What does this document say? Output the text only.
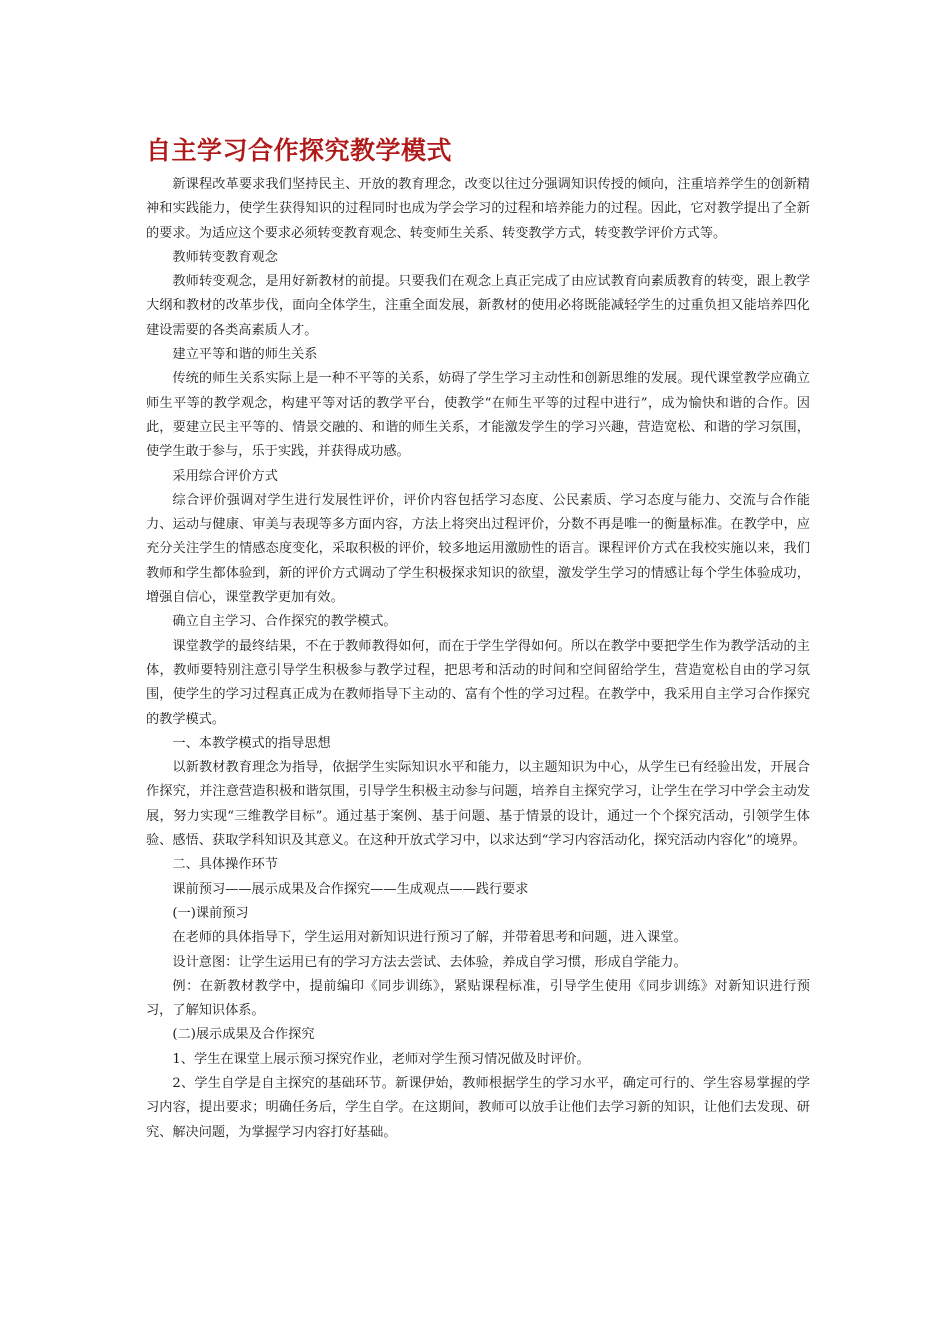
自主学习合作探究教学模式

新课程改革要求我们坚持民主、开放的教育理念，改变以往过分强调知识传授的倾向，注重培养学生的创新精神和实践能力，使学生获得知识的过程同时也成为学会学习的过程和培养能力的过程。因此，它对教学提出了全新的要求。为适应这个要求必须转变教育观念、转变师生关系、转变教学方式，转变教学评价方式等。

教师转变教育观念

教师转变观念，是用好新教材的前提。只要我们在观念上真正完成了由应试教育向素质教育的转变，跟上教学大纲和教材的改革步伐，面向全体学生，注重全面发展，新教材的使用必将既能减轻学生的过重负担又能培养四化建设需要的各类高素质人才。

建立平等和谐的师生关系

传统的师生关系实际上是一种不平等的关系，妨碍了学生学习主动性和创新思维的发展。现代课堂教学应确立师生平等的教学观念，构建平等对话的教学平台，使教学“在师生平等的过程中进行”，成为愉快和谐的合作。因此，要建立民主平等的、情景交融的、和谐的师生关系，才能激发学生的学习兴趣，营造宽松、和谐的学习氛围，使学生敢于参与，乐于实践，并获得成功感。

采用综合评价方式

综合评价强调对学生进行发展性评价，评价内容包括学习态度、公民素质、学习态度与能力、交流与合作能力、运动与健康、审美与表现等多方面内容，方法上将突出过程评价，分数不再是唯一的衡量标准。在教学中，应充分关注学生的情感态度变化，采取积极的评价，较多地运用激励性的语言。课程评价方式在我校实施以来，我们教师和学生都体验到，新的评价方式调动了学生积极探求知识的欲望，激发学生学习的情感让每个学生体验成功，增强自信心，课堂教学更加有效。

确立自主学习、合作探究的教学模式。

课堂教学的最终结果，不在于教师教得如何，而在于学生学得如何。所以在教学中要把学生作为教学活动的主体，教师要特别注意引导学生积极参与教学过程，把思考和活动的时间和空间留给学生，营造宽松自由的学习氛围，使学生的学习过程真正成为在教师指导下主动的、富有个性的学习过程。在教学中，我采用自主学习合作探究的教学模式。

一、本教学模式的指导思想

以新教材教育理念为指导，依据学生实际知识水平和能力，以主题知识为中心，从学生已有经验出发，开展合作探究，并注意营造积极和谐氛围，引导学生积极主动参与问题，培养自主探究学习，让学生在学习中学会主动发展，努力实现“三维教学目标”。通过基于案例、基于问题、基于情景的设计，通过一个个探究活动，引领学生体验、感悟、获取学科知识及其意义。在这种开放式学习中，以求达到“学习内容活动化，探究活动内容化”的境界。

二、具体操作环节

课前预习——展示成果及合作探究——生成观点——践行要求

(一)课前预习

在老师的具体指导下，学生运用对新知识进行预习了解，并带着思考和问题，进入课堂。

设计意图：让学生运用已有的学习方法去尝试、去体验，养成自学习惯，形成自学能力。

例：在新教材教学中，提前编印《同步训练》，紧贴课程标准，引导学生使用《同步训练》对新知识进行预习，了解知识体系。

(二)展示成果及合作探究

1、学生在课堂上展示预习探究作业，老师对学生预习情况做及时评价。

2、学生自学是自主探究的基础环节。新课伊始，教师根据学生的学习水平，确定可行的、学生容易掌握的学习内容，提出要求；明确任务后，学生自学。在这期间，教师可以放手让他们去学习新的知识，让他们去发现、研究、解决问题，为掌握学习内容打好基础。
